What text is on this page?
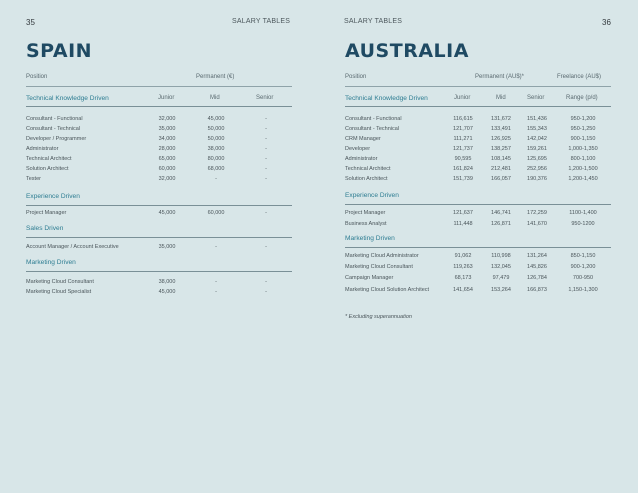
35	SALARY TABLES
SPAIN
Position	Permanent (€)
Technical Knowledge Driven	Junior	Mid	Senior
Consultant - Functional	32,000	45,000	-
Consultant - Technical	35,000	50,000	-
Developer / Programmer	34,000	50,000	-
Administrator	28,000	38,000	-
Technical Architect	65,000	80,000	-
Solution Architect	60,000	68,000	-
Tester	32,000	-	-
Experience Driven
Project Manager	45,000	60,000	-
Sales Driven
Account Manager / Account Executive	35,000	-	-
Marketing Driven
Marketing Cloud Consultant	38,000	-	-
Marketing Cloud Specialist	45,000	-	-
SALARY TABLES	36
AUSTRALIA
Position	Permanent (AU$)*	Freelance (AU$)
Technical Knowledge Driven	Junior	Mid	Senior	Range (p/d)
Consultant - Functional	116,615	131,672	151,436	950-1,200
Consultant - Technical	121,707	133,491	155,343	950-1,250
CRM Manager	111,271	126,925	142,042	900-1,150
Developer	121,737	138,257	159,261	1,000-1,350
Administrator	90,595	108,145	125,695	800-1,100
Technical Architect	161,824	212,481	252,956	1,200-1,500
Solution Architect	151,739	166,057	190,376	1,200-1,450
Experience Driven
Project Manager	121,637	146,741	172,259	1100-1,400
Business Analyst	111,448	126,871	141,670	950-1200
Marketing Driven
Marketing Cloud Administrator	91,062	110,998	131,264	850-1,150
Marketing Cloud Consultant	119,263	132,045	145,826	900-1,200
Campaign Manager	68,173	97,479	126,784	700-950
Marketing Cloud Solution Architect	141,654	153,264	166,873	1,150-1,300
* Excluding superannuation
